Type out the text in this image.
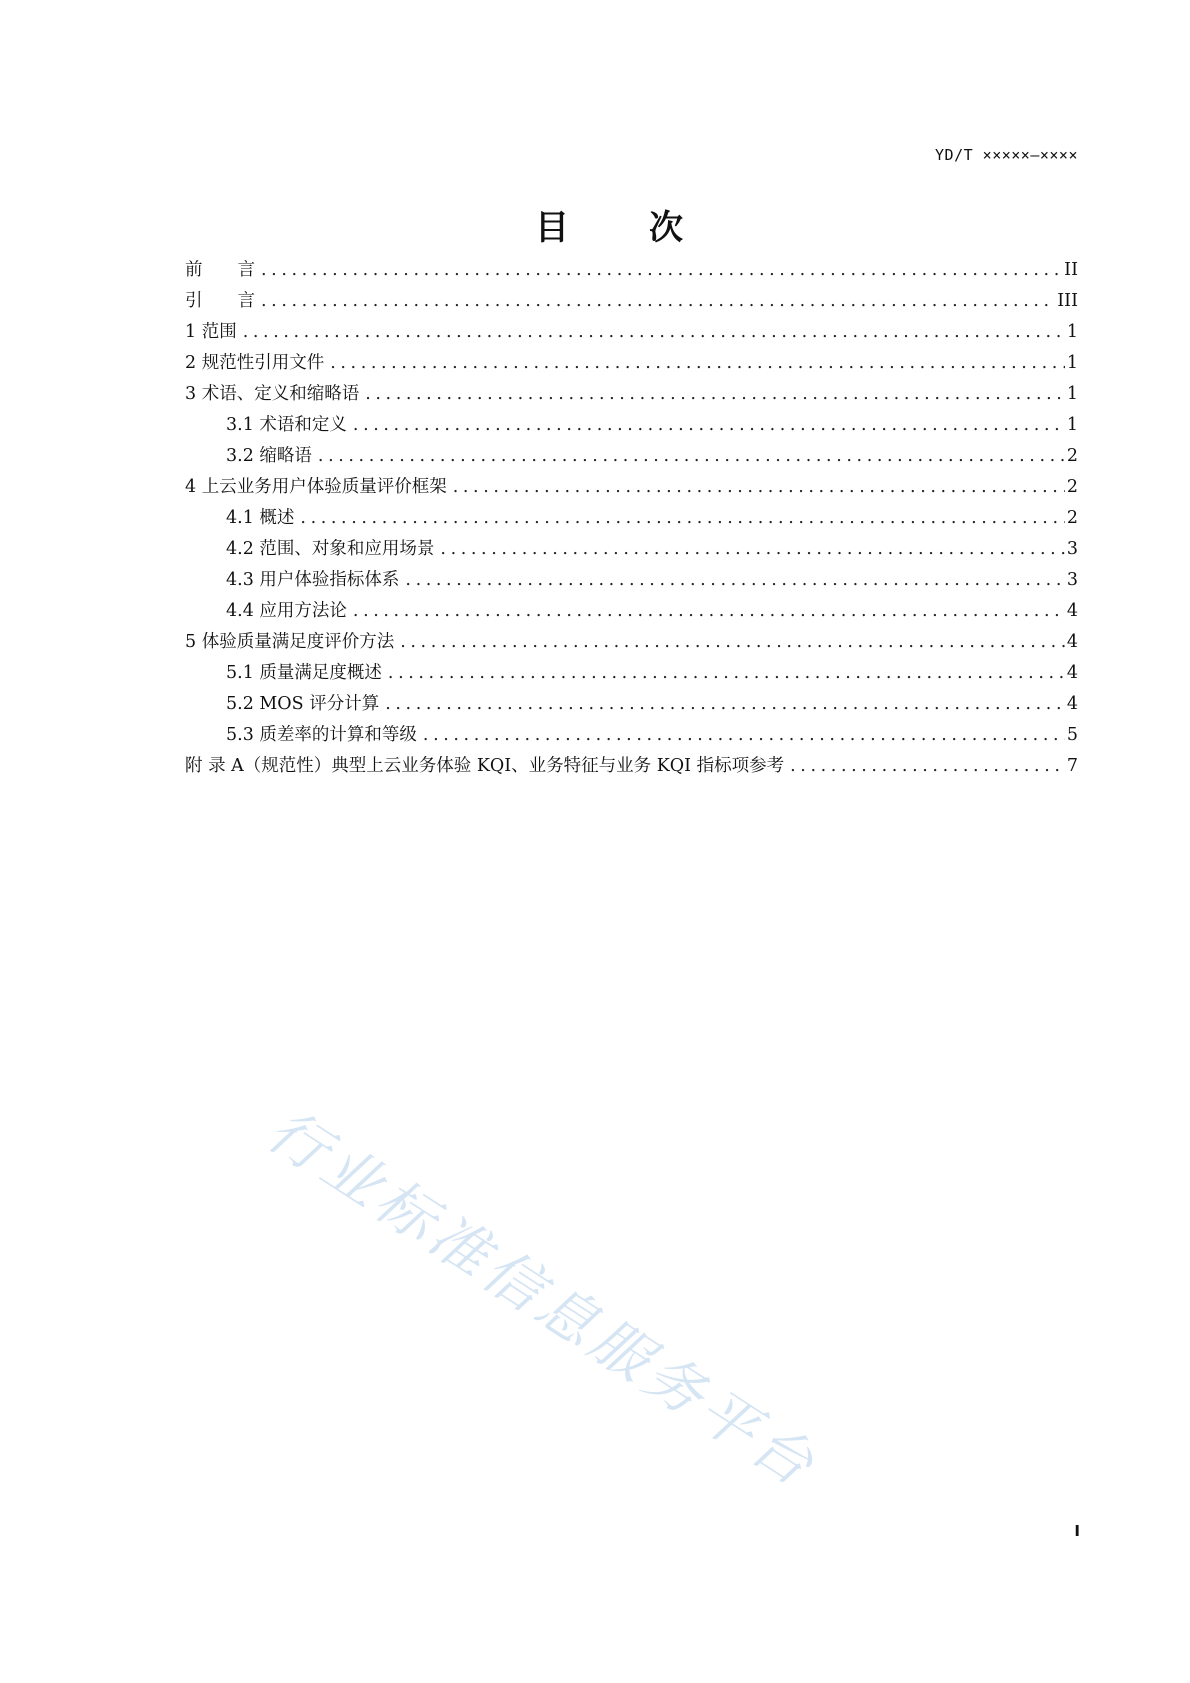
YD/T ×××××—××××
目 次
前　　言 .....	II
引　　言 .....	III
1 范围 .....	1
2 规范性引用文件 .....	1
3 术语、定义和缩略语 .....	1
3.1 术语和定义 .....	1
3.2 缩略语 .....	2
4 上云业务用户体验质量评价框架 .....	2
4.1 概述 .....	2
4.2 范围、对象和应用场景 .....	3
4.3 用户体验指标体系 .....	3
4.4 应用方法论 .....	4
5 体验质量满足度评价方法 .....	4
5.1 质量满足度概述 .....	4
5.2 MOS 评分计算 .....	4
5.3 质差率的计算和等级 .....	5
附 录 A（规范性）典型上云业务体验 KQI、业务特征与业务 KQI 指标项参考 .....	7
行业标准信息服务平台
I
